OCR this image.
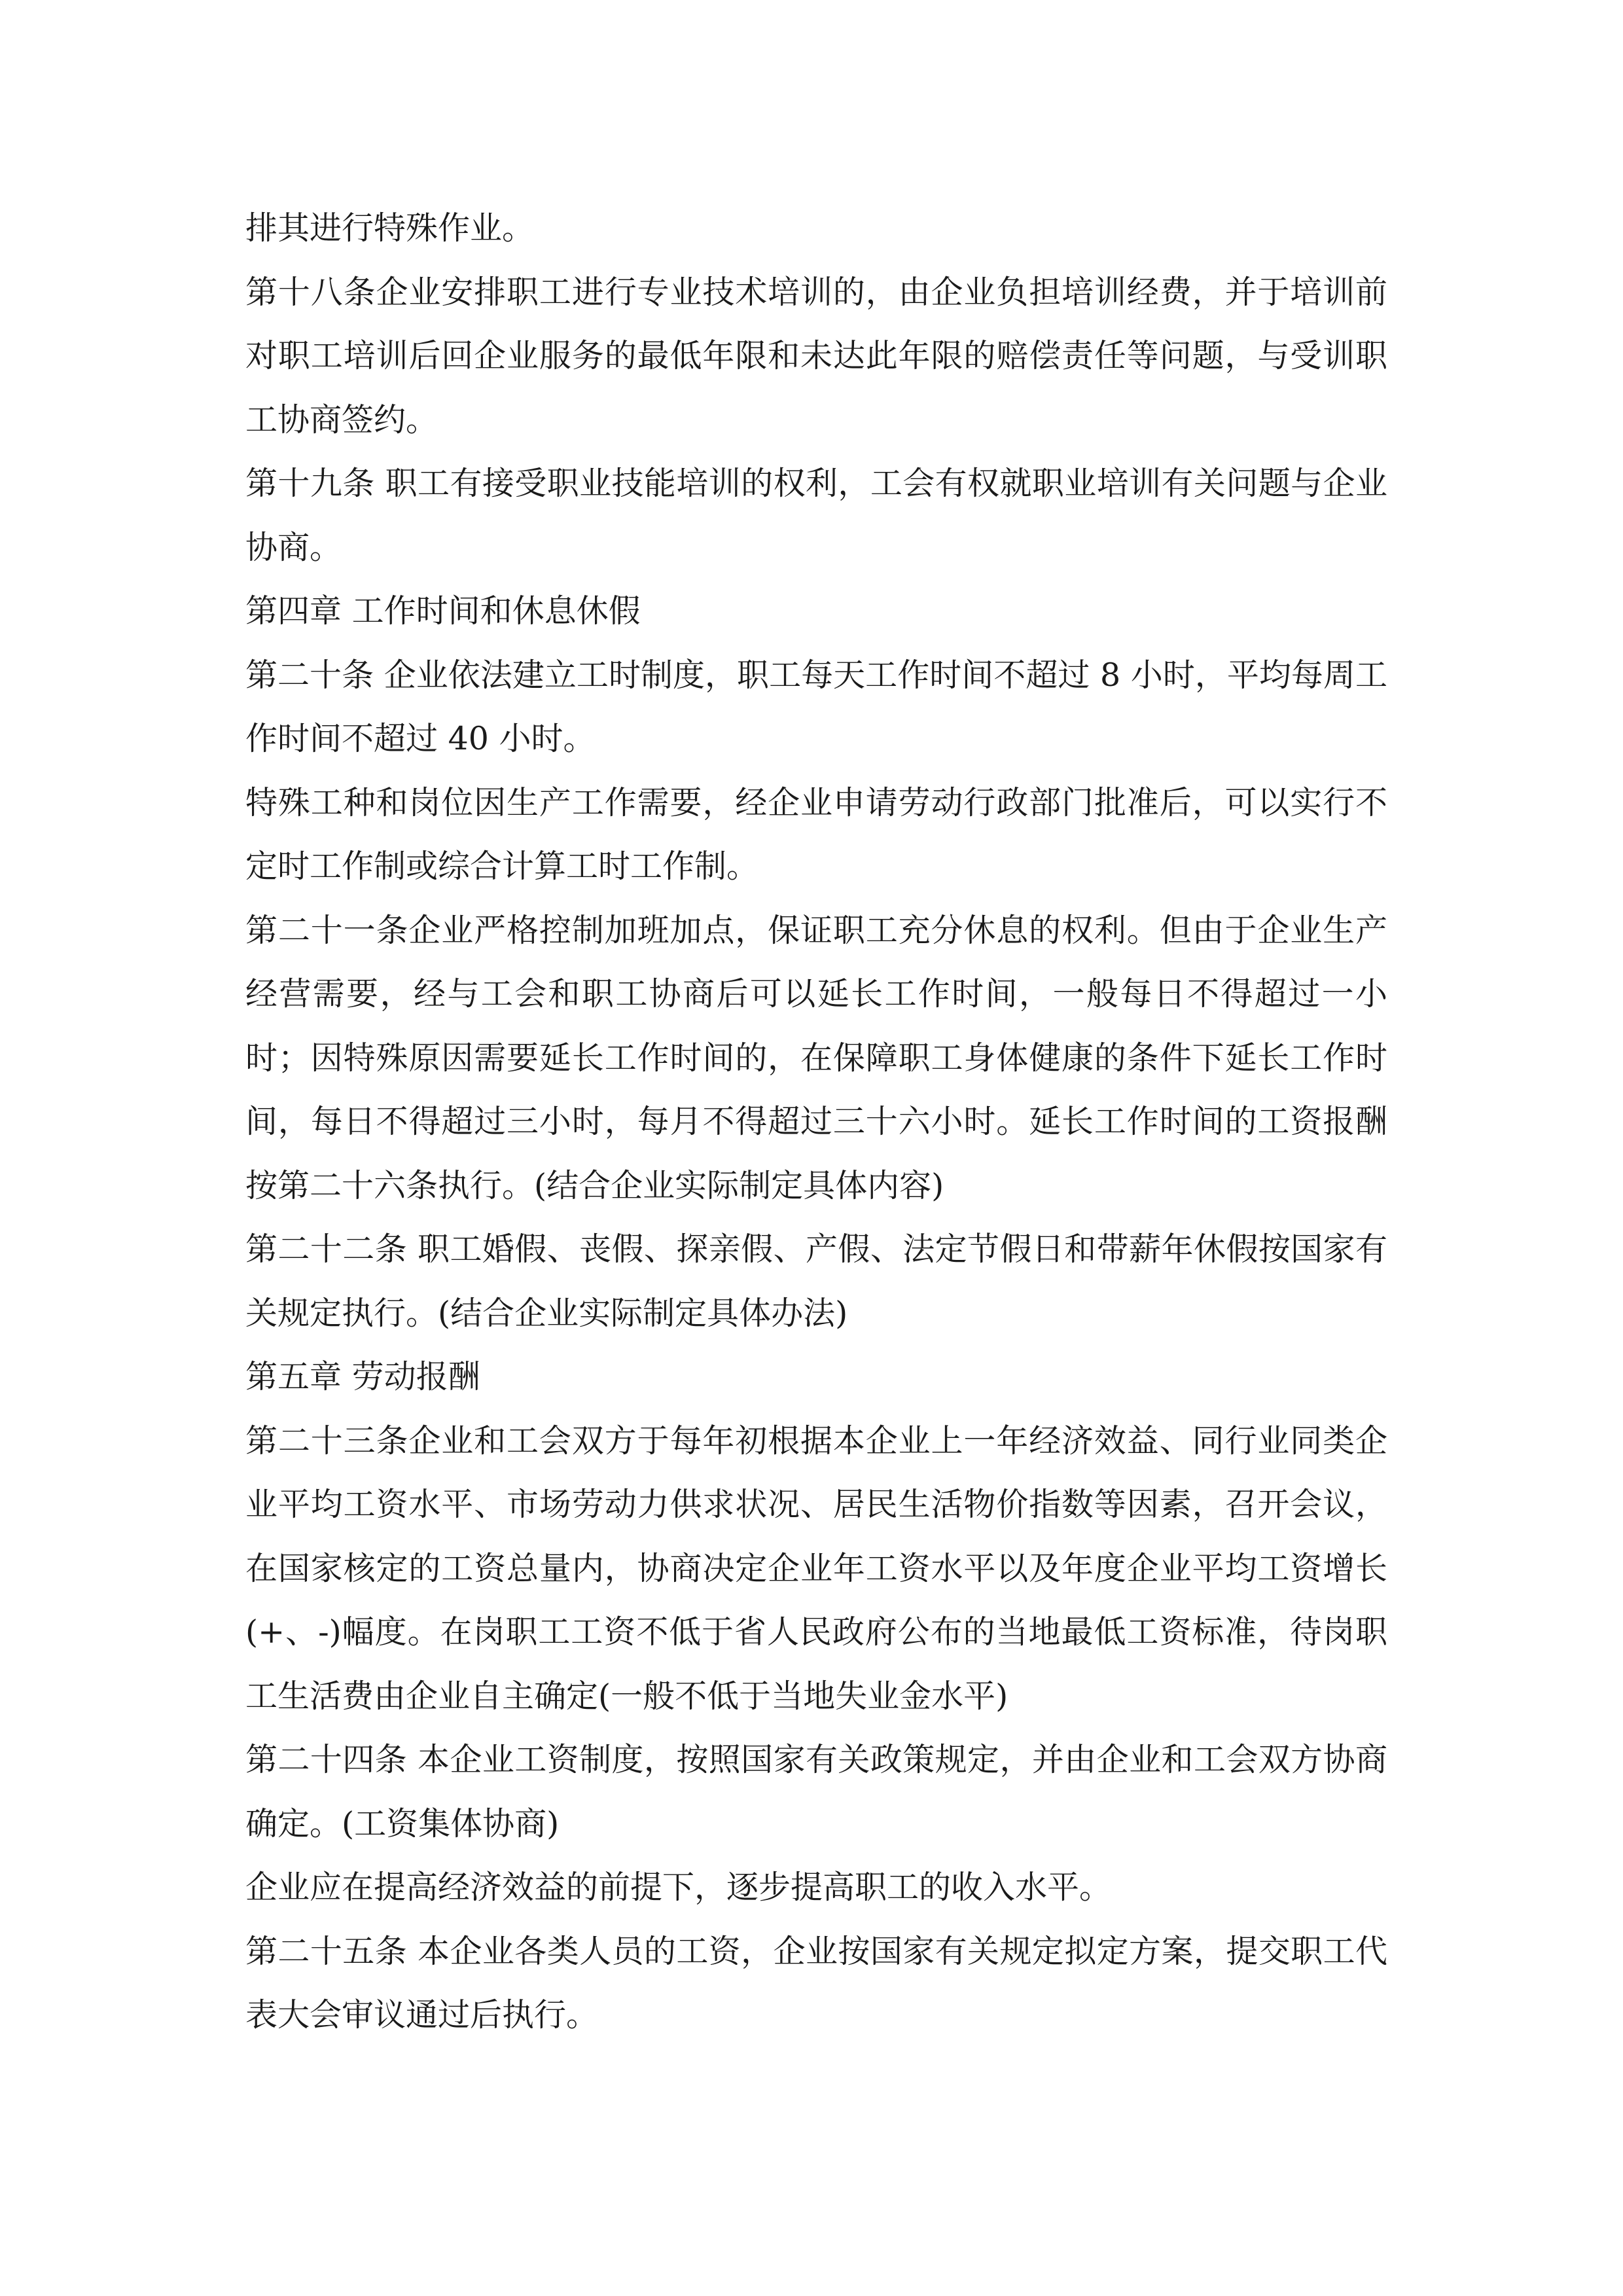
排其进行特殊作业。

第十八条企业安排职工进行专业技术培训的，由企业负担培训经费，并于培训前对职工培训后回企业服务的最低年限和未达此年限的赔偿责任等问题，与受训职工协商签约。

第十九条 职工有接受职业技能培训的权利，工会有权就职业培训有关问题与企业协商。

第四章 工作时间和休息休假

第二十条 企业依法建立工时制度，职工每天工作时间不超过 8 小时，平均每周工作时间不超过 40 小时。

特殊工种和岗位因生产工作需要，经企业申请劳动行政部门批准后，可以实行不定时工作制或综合计算工时工作制。

第二十一条企业严格控制加班加点，保证职工充分休息的权利。但由于企业生产经营需要，经与工会和职工协商后可以延长工作时间，一般每日不得超过一小时；因特殊原因需要延长工作时间的，在保障职工身体健康的条件下延长工作时间，每日不得超过三小时，每月不得超过三十六小时。延长工作时间的工资报酬按第二十六条执行。(结合企业实际制定具体内容)

第二十二条 职工婚假、丧假、探亲假、产假、法定节假日和带薪年休假按国家有关规定执行。(结合企业实际制定具体办法)

第五章 劳动报酬

第二十三条企业和工会双方于每年初根据本企业上一年经济效益、同行业同类企业平均工资水平、市场劳动力供求状况、居民生活物价指数等因素，召开会议，在国家核定的工资总量内，协商决定企业年工资水平以及年度企业平均工资增长(+、-)幅度。在岗职工工资不低于省人民政府公布的当地最低工资标准，待岗职工生活费由企业自主确定(一般不低于当地失业金水平)

第二十四条 本企业工资制度，按照国家有关政策规定，并由企业和工会双方协商确定。(工资集体协商)

企业应在提高经济效益的前提下，逐步提高职工的收入水平。

第二十五条 本企业各类人员的工资，企业按国家有关规定拟定方案，提交职工代表大会审议通过后执行。
